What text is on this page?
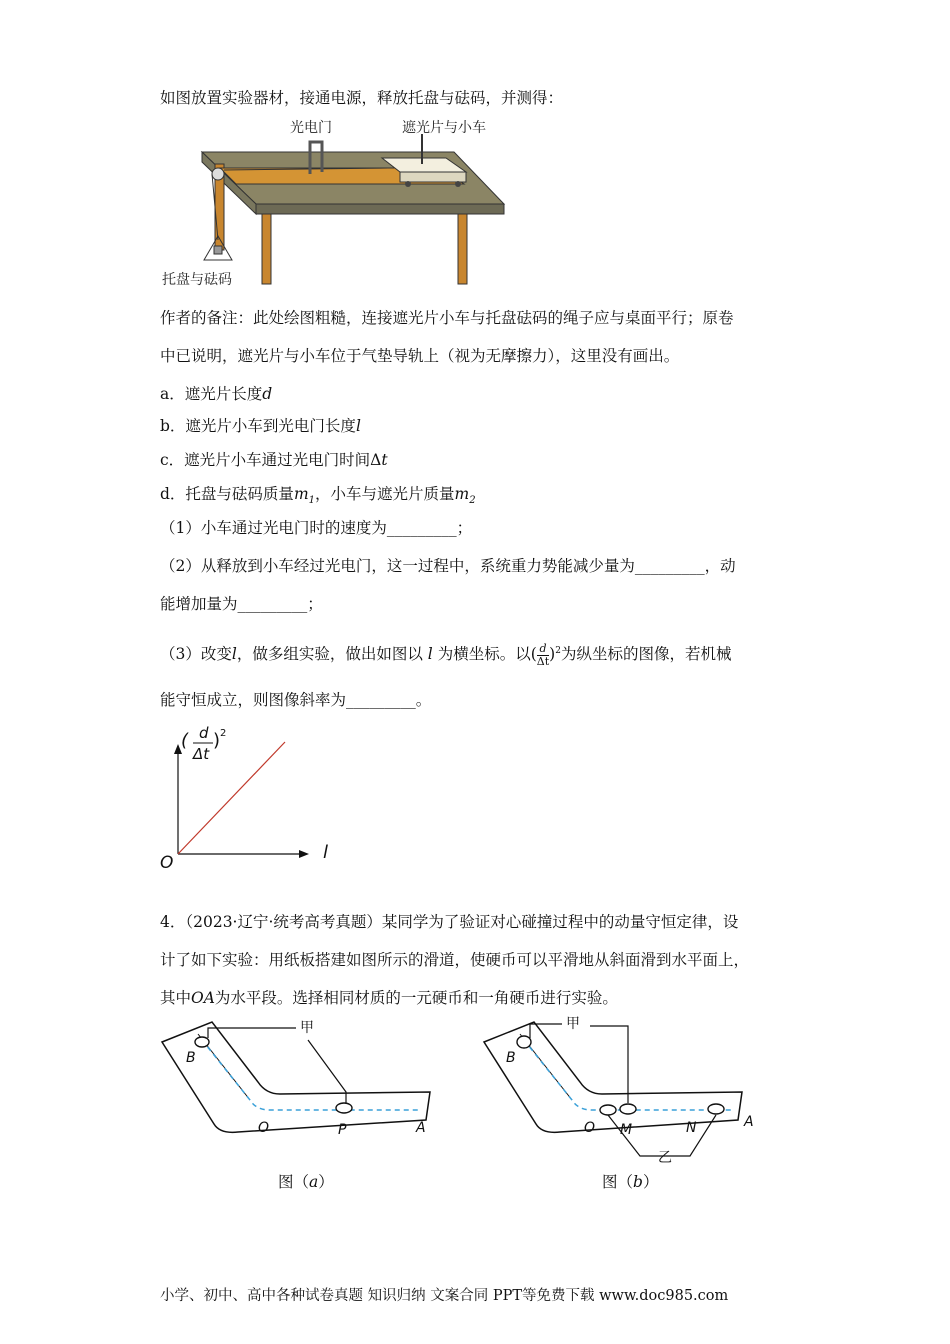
如图放置实验器材，接通电源，释放托盘与砝码，并测得：
光电门	遮光片与小车
托盘与砝码
作者的备注：此处绘图粗糙，连接遮光片小车与托盘砝码的绳子应与桌面平行；原卷
中已说明，遮光片与小车位于气垫导轨上（视为无摩擦力），这里没有画出。
a．遮光片长度d
b．遮光片小车到光电门长度l
c．遮光片小车通过光电门时间Δt
d．托盘与砝码质量$m_1$，小车与遮光片质量$m_2$
（1）小车通过光电门时的速度为_________；
（2）从释放到小车经过光电门，这一过程中，系统重力势能减少量为_________，动
能增加量为_________；
（3）改变l，做多组实验，做出如图以 l 为横坐标。以( $\frac{d}{\Delta t} )^2$为纵坐标的图像，若机械
能守恒成立，则图像斜率为_________。
( d
Δt
) 2
l
O
4．（2023·辽宁·统考高考真题）某同学为了验证对心碰撞过程中的动量守恒定律，设
计了如下实验：用纸板搭建如图所示的滑道，使硬币可以平滑地从斜面滑到水平面上，
其中OA为水平段。选择相同材质的一元硬币和一角硬币进行实验。
甲
B
O	P	A
图（a）
甲
B
O M	N	A
乙
图（b）
小学、初中、高中各种试卷真题 知识归纳 文案合同 PPT等免费下载 www.doc985.com
